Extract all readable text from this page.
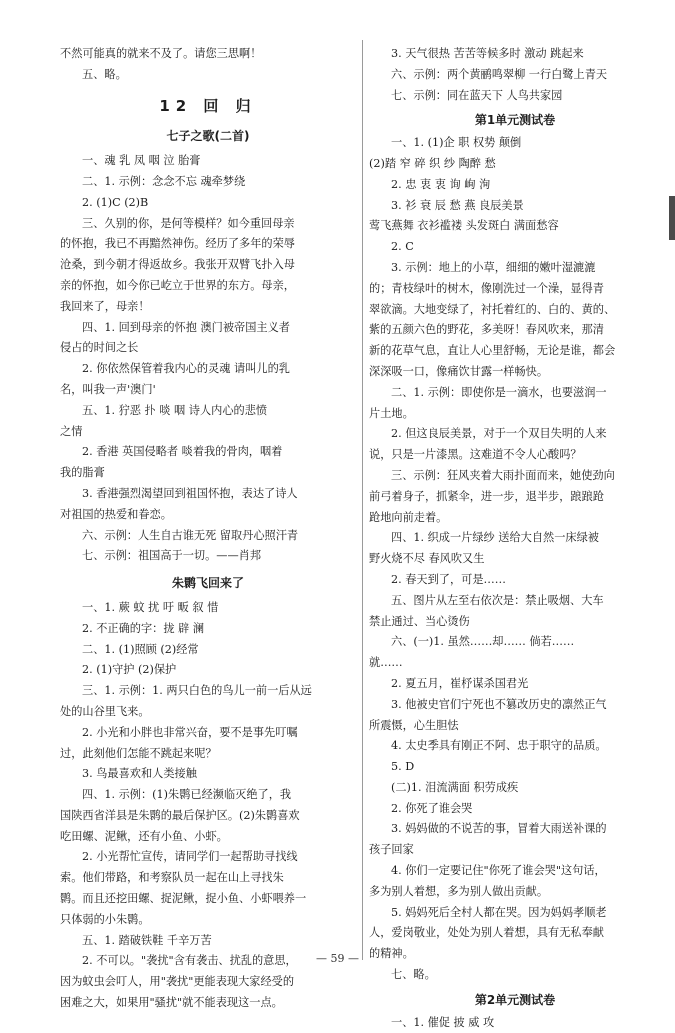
不然可能真的就来不及了。请您三思啊！
五、略。
12 回 归
七子之歌(二首)
一、魂 乳 凤 咽 泣 胎膏
二、1. 示例：念念不忘 魂牵梦绕
2. (1)C (2)B
三、久别的你，是何等模样？如今重回母亲
的怀抱，我已不再黯然神伤。经历了多年的荣辱
沧桑，到今朝才得返故乡。我张开双臂飞扑入母
亲的怀抱，如今你已屹立于世界的东方。母亲，
我回来了，母亲！
四、1. 回到母亲的怀抱 澳门被帝国主义者
侵占的时间之长
2. 你依然保管着我内心的灵魂 请叫儿的乳
名，叫我一声'澳门'
五、1. 狞恶 扑 啖 咽 诗人内心的悲愤
之情
2. 香港 英国侵略者 啖着我的骨肉，咽着
我的脂膏
3. 香港强烈渴望回到祖国怀抱，表达了诗人
对祖国的热爱和眷恋。
六、示例：人生自古谁无死 留取丹心照汗青
七、示例：祖国高于一切。——肖邦
朱鹮飞回来了
一、1. 蕨 蚊 扰 吁 畈 叙 惜
2. 不正确的字：拢 辟 澜
二、1. (1)照顾 (2)经常
2. (1)守护 (2)保护
三、1. 示例：1. 两只白色的鸟儿一前一后从远
处的山谷里飞来。
2. 小光和小胖也非常兴奋，要不是事先叮嘱
过，此刻他们怎能不跳起来呢？
3. 鸟最喜欢和人类接触
四、1. 示例：(1)朱鹮已经濒临灭绝了，我
国陕西省洋县是朱鹮的最后保护区。(2)朱鹮喜欢
吃田螺、泥鳅，还有小鱼、小虾。
2. 小光帮忙宣传，请同学们一起帮助寻找线
索。他们带路，和考察队员一起在山上寻找朱
鹮。而且还挖田螺、捉泥鳅，捉小鱼、小虾喂养一
只体弱的小朱鹮。
五、1. 踏破铁鞋 千辛万苦
2. 不可以。"袭扰"含有袭击、扰乱的意思，
因为蚊虫会叮人，用"袭扰"更能表现大家经受的
困难之大，如果用"骚扰"就不能表现这一点。
3. 天气很热 苦苦等候多时 激动 跳起来
六、示例：两个黄鹂鸣翠柳 一行白鹭上青天
七、示例：同在蓝天下 人鸟共家园
第1单元测试卷
一、1. (1)企 职 权势 颠倒
(2)踏 窄 碎 织 纱 陶醉 愁
2. 忠 衷 衷 询 峋 洵
3. 衫 衰 辰 愁 燕 良辰美景
莺飞燕舞 衣衫褴褛 头发斑白 满面愁容
2. C
3. 示例：地上的小草，细细的嫩叶湿漉漉
的；青枝绿叶的树木，像刚洗过一个澡，显得青
翠欲滴。大地变绿了，衬托着红的、白的、黄的、
紫的五颜六色的野花，多美呀！春风吹来，那清
新的花草气息，直让人心里舒畅，无论是谁，都会
深深吸一口，像痛饮甘露一样畅快。
二、1. 示例：即使你是一滴水，也要滋润一
片土地。
2. 但这良辰美景，对于一个双目失明的人来
说，只是一片漆黑。这难道不令人心酸吗？
三、示例：狂风夹着大雨扑面而来，她使劲向
前弓着身子，抓紧伞，进一步，退半步，踉踉跄
跄地向前走着。
四、1. 织成一片绿纱 送给大自然一床绿被
野火烧不尽 春风吹又生
2. 春天到了，可是……
五、图片从左至右依次是：禁止吸烟、大车
禁止通过、当心烫伤
六、(一)1. 虽然……却…… 倘若……
就……
2. 夏五月，崔杼谋杀国君光
3. 他被史官们宁死也不篡改历史的凛然正气
所震慑，心生胆怯
4. 太史季具有刚正不阿、忠于职守的品质。
5. D
(二)1. 泪流满面 积劳成疾
2. 你死了谁会哭
3. 妈妈做的不说苦的事，冒着大雨送补课的
孩子回家
4. 你们一定要记住"你死了谁会哭"这句话，
多为别人着想，多为别人做出贡献。
5. 妈妈死后全村人都在哭。因为妈妈孝顺老
人，爱岗敬业，处处为别人着想，具有无私奉献
的精神。
七、略。
第2单元测试卷
一、1. 催促 披 威 攻
— 59 —
